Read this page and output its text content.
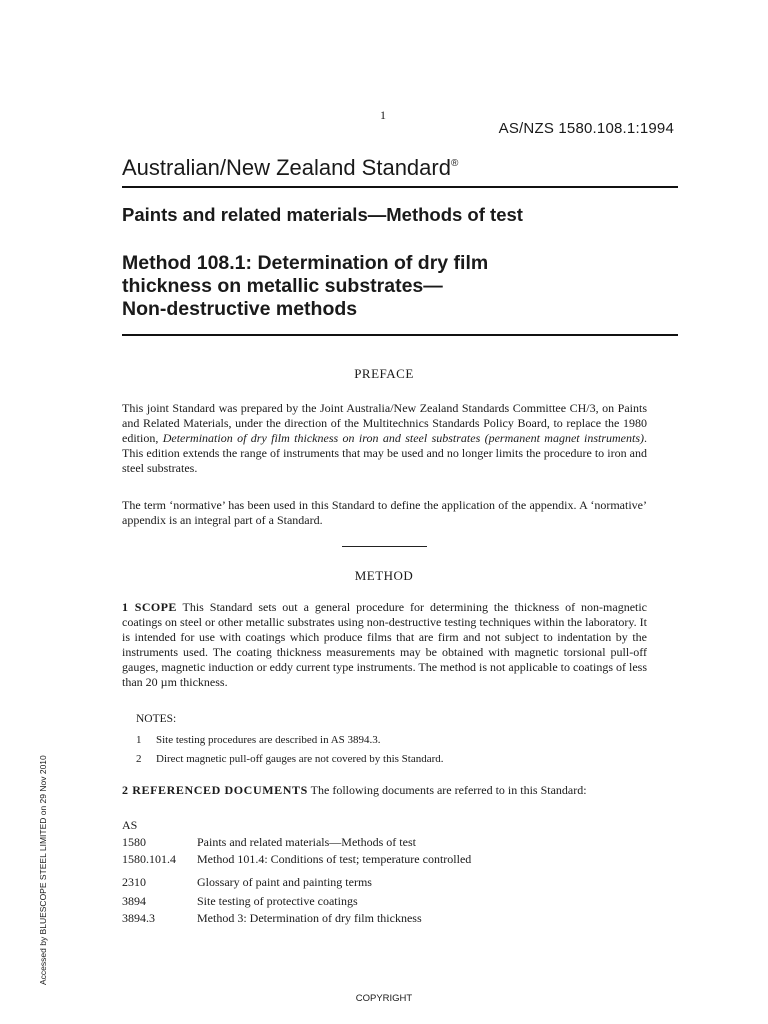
1
AS/NZS 1580.108.1:1994
Australian/New Zealand Standard®
Paints and related materials—Methods of test
Method 108.1: Determination of dry film
thickness on metallic substrates—
Non-destructive methods
PREFACE
This joint Standard was prepared by the Joint Australia/New Zealand Standards Committee CH/3, on Paints and Related Materials, under the direction of the Multitechnics Standards Policy Board, to replace the 1980 edition, Determination of dry film thickness on iron and steel substrates (permanent magnet instruments). This edition extends the range of instruments that may be used and no longer limits the procedure to iron and steel substrates.
The term ‘normative’ has been used in this Standard to define the application of the appendix. A ‘normative’ appendix is an integral part of a Standard.
METHOD
1 SCOPE This Standard sets out a general procedure for determining the thickness of non-magnetic coatings on steel or other metallic substrates using non-destructive testing techniques within the laboratory. It is intended for use with coatings which produce films that are firm and not subject to indentation by the instruments used. The coating thickness measurements may be obtained with magnetic torsional pull-off gauges, magnetic induction or eddy current type instruments. The method is not applicable to coatings of less than 20 µm thickness.
NOTES:
1 Site testing procedures are described in AS 3894.3.
2 Direct magnetic pull-off gauges are not covered by this Standard.
2 REFERENCED DOCUMENTS The following documents are referred to in this Standard:
AS
1580	Paints and related materials—Methods of test
1580.101.4 Method 101.4: Conditions of test; temperature controlled
2310	Glossary of paint and painting terms
3894	Site testing of protective coatings
3894.3	Method 3: Determination of dry film thickness
COPYRIGHT
Accessed by BLUESCOPE STEEL LIMITED on 29 Nov 2010
